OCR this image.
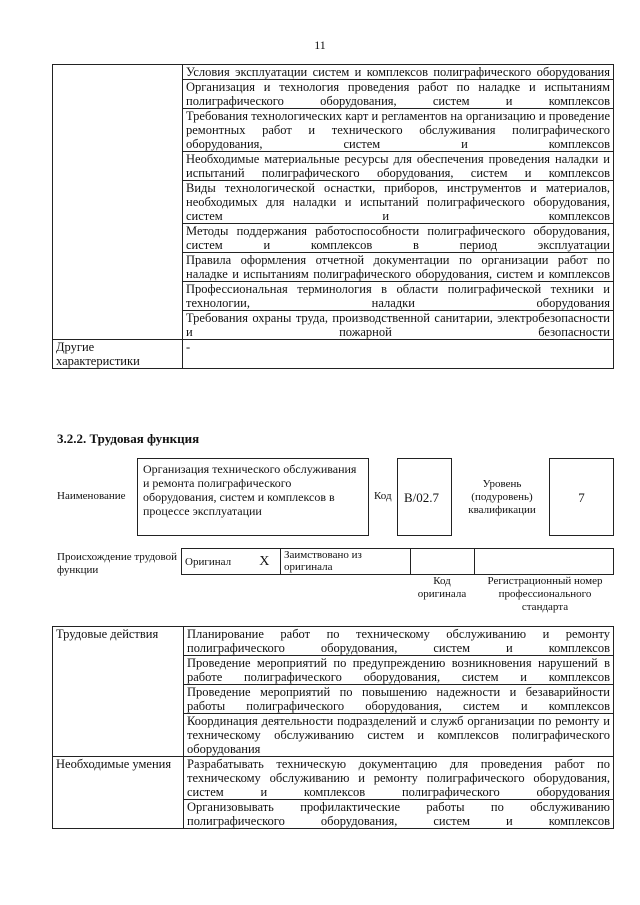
11
	Условия эксплуатации систем и комплексов полиграфического оборудования
	Организация и технология проведения работ по наладке и испытаниям полиграфического оборудования, систем и комплексов
	Требования технологических карт и регламентов на организацию и проведение ремонтных работ и технического обслуживания полиграфического оборудования, систем и комплексов
	Необходимые материальные ресурсы для обеспечения проведения наладки и испытаний полиграфического оборудования, систем и комплексов
	Виды технологической оснастки, приборов, инструментов и материалов, необходимых для наладки и испытаний полиграфического оборудования, систем и комплексов
	Методы поддержания работоспособности полиграфического оборудования, систем и комплексов в период эксплуатации
	Правила оформления отчетной документации по организации работ по наладке и испытаниям полиграфического оборудования, систем и комплексов
	Профессиональная терминология в области полиграфической техники и технологии, наладки оборудования
	Требования охраны труда, производственной санитарии, электробезопасности и пожарной безопасности
Другие характеристики	-
3.2.2. Трудовая функция
Наименование
Организация технического обслуживания и ремонта полиграфического оборудования, систем и комплексов в процессе эксплуатации
Код B/02.7
Уровень (подуровень) квалификации
7
Происхождение трудовой функции
Оригинал	X	Заимствовано из оригинала		
Код оригинала
Регистрационный номер профессионального стандарта
Трудовые действия	Планирование работ по техническому обслуживанию и ремонту полиграфического оборудования, систем и комплексов
	Проведение мероприятий по предупреждению возникновения нарушений в работе полиграфического оборудования, систем и комплексов
	Проведение мероприятий по повышению надежности и безаварийности работы полиграфического оборудования, систем и комплексов
	Координация деятельности подразделений и служб организации по ремонту и техническому обслуживанию систем и комплексов полиграфического оборудования
Необходимые умения	Разрабатывать техническую документацию для проведения работ по техническому обслуживанию и ремонту полиграфического оборудования, систем и комплексов полиграфического оборудования
	Организовывать профилактические работы по обслуживанию полиграфического оборудования, систем и комплексов
